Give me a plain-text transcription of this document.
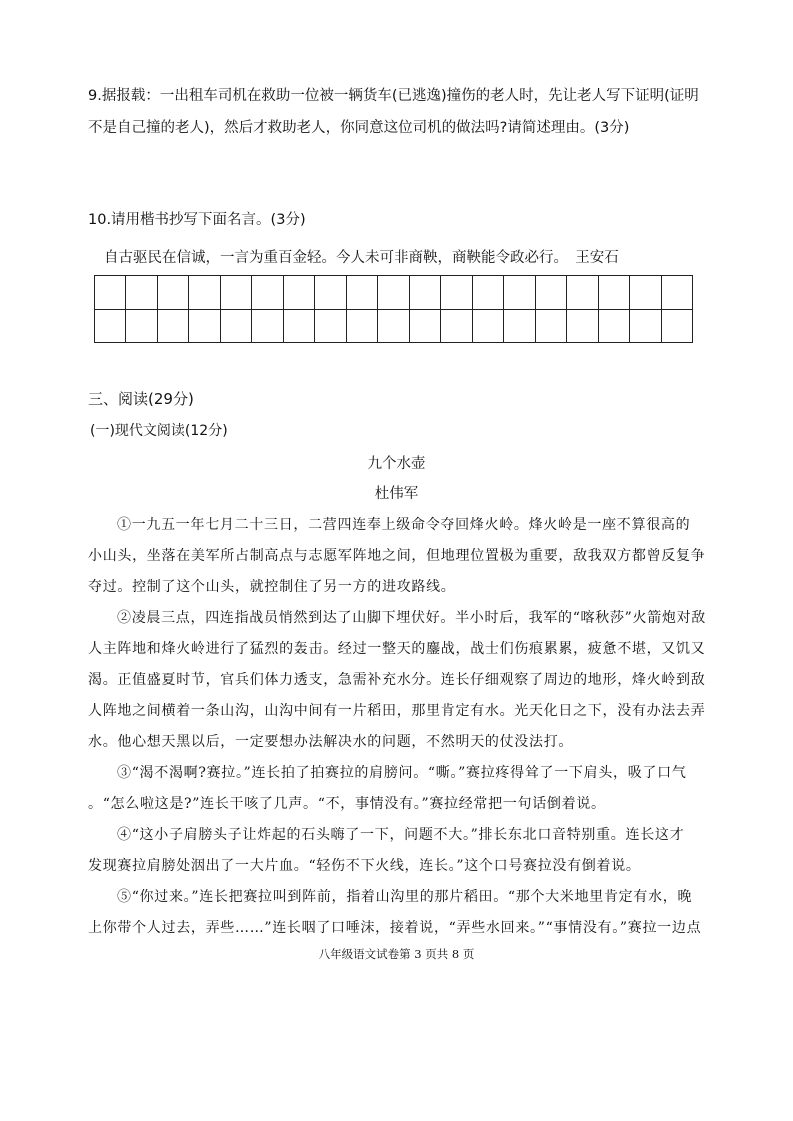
9.据报载：一出租车司机在救助一位被一辆货车(已逃逸)撞伤的老人时，先让老人写下证明(证明
不是自己撞的老人)，然后才救助老人，你同意这位司机的做法吗?请简述理由。(3分)
10.请用楷书抄写下面名言。(3分)
自古驱民在信诚，一言为重百金轻。今人未可非商鞅，商鞅能令政必行。　王安石
三、阅读(29分)
(一)现代文阅读(12分)
九个水壶
杜伟军
①一九五一年七月二十三日，二营四连奉上级命令夺回烽火岭。烽火岭是一座不算很高的
小山头，坐落在美军所占制高点与志愿军阵地之间，但地理位置极为重要，敌我双方都曾反复争
夺过。控制了这个山头，就控制住了另一方的进攻路线。
②凌晨三点，四连指战员悄然到达了山脚下埋伏好。半小时后，我军的“喀秋莎”火箭炮对敌
人主阵地和烽火岭进行了猛烈的轰击。经过一整天的鏖战，战士们伤痕累累，疲惫不堪，又饥又
渴。正值盛夏时节，官兵们体力透支，急需补充水分。连长仔细观察了周边的地形，烽火岭到敌
人阵地之间横着一条山沟，山沟中间有一片稻田，那里肯定有水。光天化日之下，没有办法去弄
水。他心想天黑以后，一定要想办法解决水的问题，不然明天的仗没法打。
③“渴不渴啊?赛拉。”连长拍了拍赛拉的肩膀问。“嘶。”赛拉疼得耸了一下肩头，吸了口气
。“怎么啦这是?”连长干咳了几声。“不，事情没有。”赛拉经常把一句话倒着说。
④“这小子肩膀头子让炸起的石头嗨了一下，问题不大。”排长东北口音特别重。连长这才
发现赛拉肩膀处洇出了一大片血。“轻伤不下火线，连长。”这个口号赛拉没有倒着说。
⑤“你过来。”连长把赛拉叫到阵前，指着山沟里的那片稻田。“那个大米地里肯定有水，晚
上你带个人过去，弄些……”连长咽了口唾沫，接着说，“弄些水回来。”“事情没有。”赛拉一边点
八年级语文试卷第 3 页共 8 页
